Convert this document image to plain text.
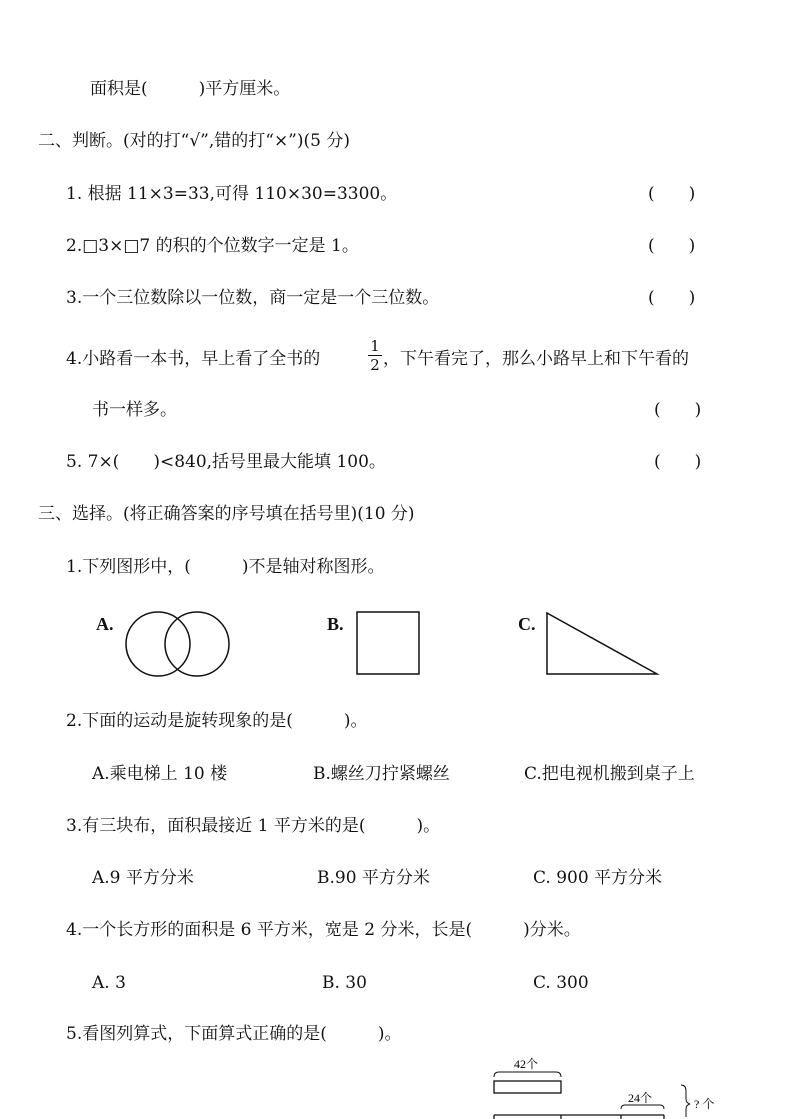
面积是(　　　)平方厘米。
二、判断。(对的打“√”,错的打“×”)(5 分)
1. 根据 11×3=33,可得 110×30=3300。	(　　)
2.□3×□7 的积的个位数字一定是 1。	(　　)
3.一个三位数除以一位数，商一定是一个三位数。	(　　)
4.小路看一本书，早上看了全书的
1
2 ，下午看完了，那么小路早上和下午看的
书一样多。	(　　)
5. 7×(　　)<840,括号里最大能填 100。	(　　)
三、选择。(将正确答案的序号填在括号里)(10 分)
1.下列图形中，(　　　)不是轴对称图形。
A.	B.	C.
2.下面的运动是旋转现象的是(　　　)。
A.乘电梯上 10 楼	B.螺丝刀拧紧螺丝	C.把电视机搬到桌子上
3.有三块布，面积最接近 1 平方米的是(　　　)。
A.9 平方分米	B.90 平方分米	C. 900 平方分米
4.一个长方形的面积是 6 平方米，宽是 2 分米，长是(　　　)分米。
A. 3	B. 30	C. 300
5.看图列算式，下面算式正确的是(　　　)。
42个
24个	? 个
